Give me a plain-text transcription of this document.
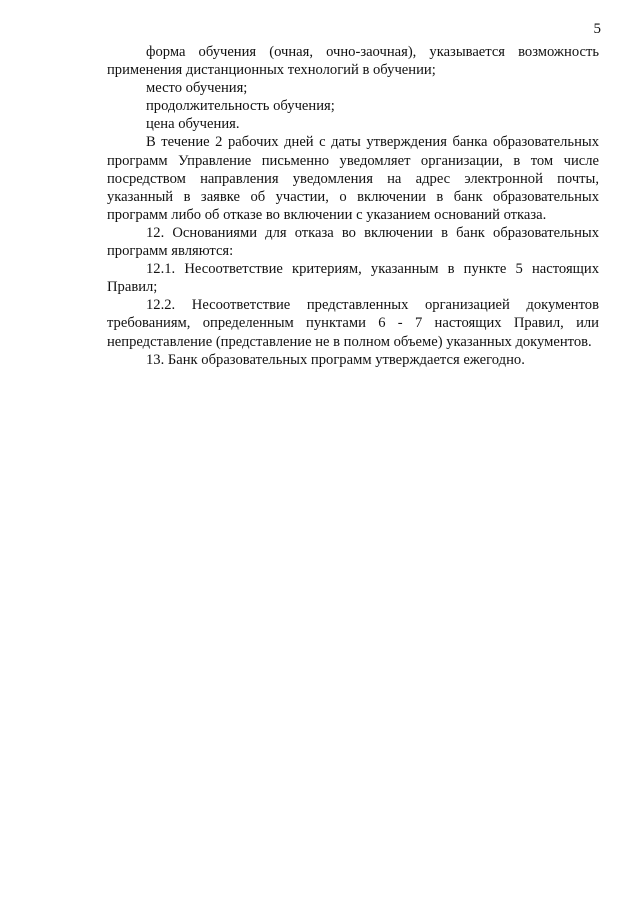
5

форма обучения (очная, очно-заочная), указывается возможность применения дистанционных технологий в обучении;

место обучения;

продолжительность обучения;

цена обучения.

В течение 2 рабочих дней с даты утверждения банка образовательных программ Управление письменно уведомляет организации, в том числе посредством направления уведомления на адрес электронной почты, указанный в заявке об участии, о включении в банк образовательных программ либо об отказе во включении с указанием оснований отказа.

12. Основаниями для отказа во включении в банк образовательных программ являются:

12.1. Несоответствие критериям, указанным в пункте 5 настоящих Правил;

12.2. Несоответствие представленных организацией документов требованиям, определенным пунктами 6 - 7 настоящих Правил, или непредставление (представление не в полном объеме) указанных документов.

13. Банк образовательных программ утверждается ежегодно.
